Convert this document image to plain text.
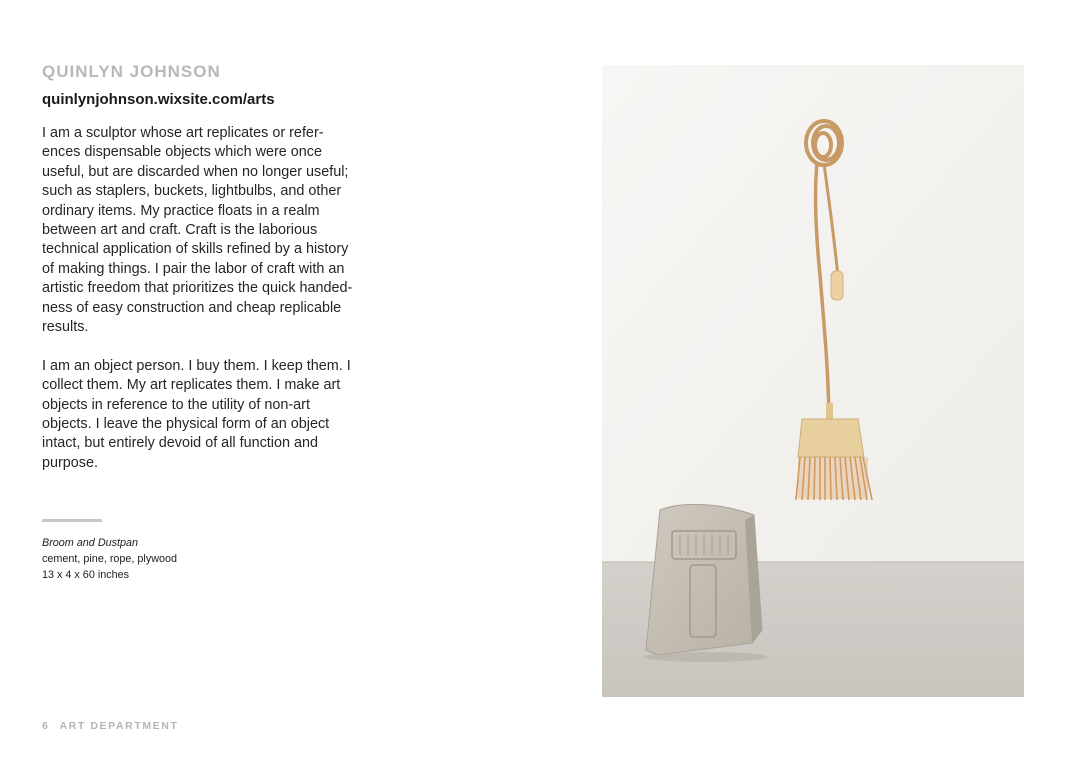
QUINLYN JOHNSON
quinlynjohnson.wixsite.com/arts

I am a sculptor whose art replicates or refer- ences dispensable objects which were once useful, but are discarded when no longer useful; such as staplers, buckets, lightbulbs, and other ordinary items. My practice floats in a realm between art and craft. Craft is the laborious technical application of skills refined by a history of making things. I pair the labor of craft with an artistic freedom that prioritizes the quick handed-ness of easy construction and cheap replicable results.

I am an object person. I buy them. I keep them. I collect them. My art replicates them. I make art objects in reference to the utility of non-art objects. I leave the physical form of an object intact, but entirely devoid of all function and purpose.

Broom and Dustpan
cement, pine, rope, plywood
13 x 4 x 60 inches
6 ART DEPARTMENT
